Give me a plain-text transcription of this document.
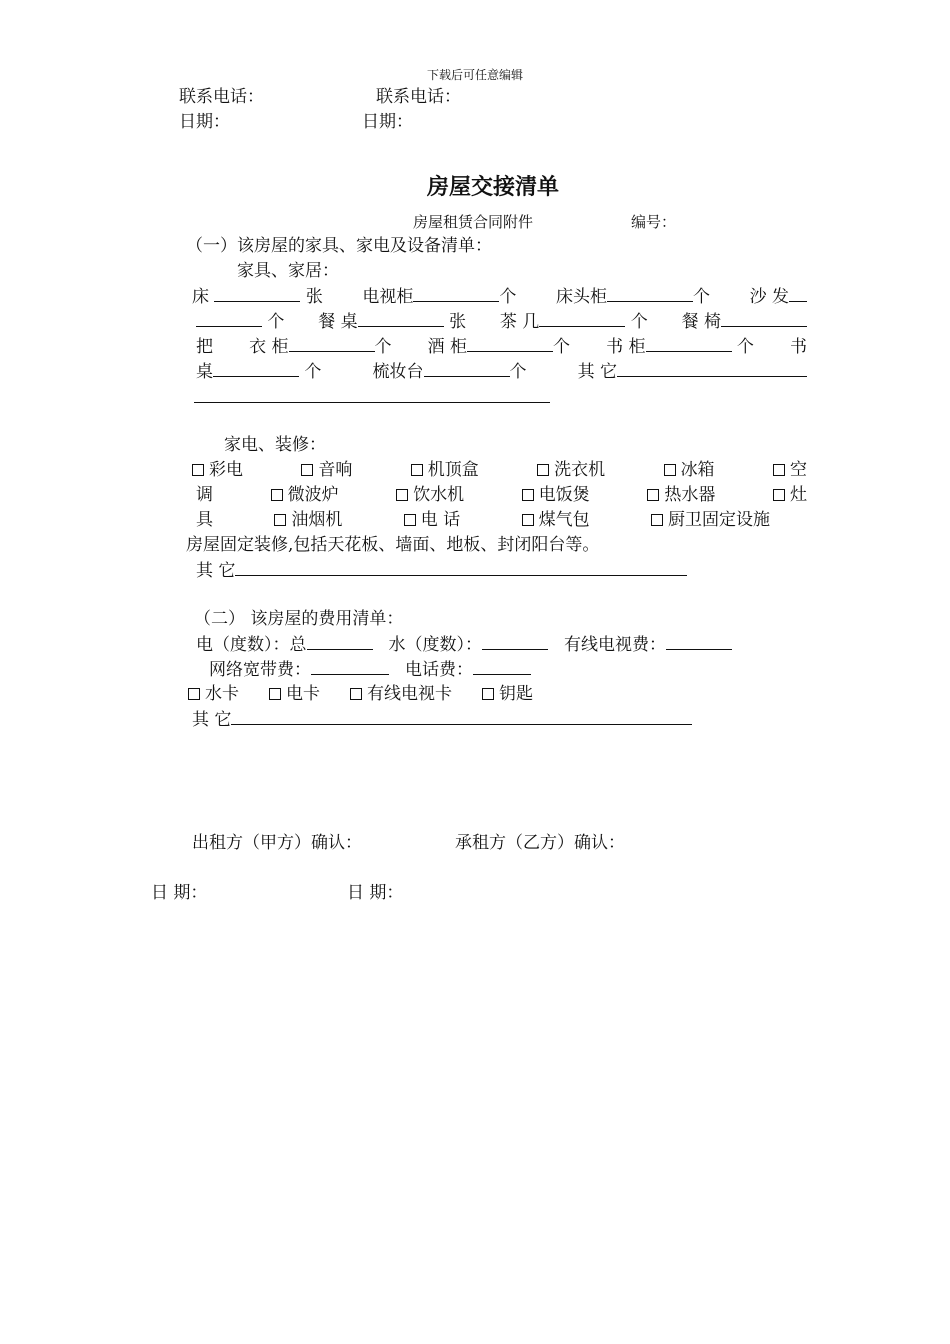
下载后可任意编辑
联系电话：	联系电话：
日期：	日期：
房屋交接清单
房屋租赁合同附件	编号：
（一）该房屋的家具、家电及设备清单：
家具、家居：
床

	张 电视柜	个 床头柜	个 沙 发

个 餐 桌
	张 茶 几
	个 餐 椅
把 衣 柜	个 酒 柜	个 书 柜
	个 书
桌
	个	梳妆台	个	其 它
家电、装修：
彩电	音响	机顶盒	洗衣机	冰箱	空
调	微波炉	饮水机	电饭煲	热水器	灶
具	油烟机	电 话	煤气包	厨卫固定设施
房屋固定装修,包括天花板、墙面、地板、封闭阳台等。
其 它
（二） 该房屋的费用清单：
电（度数）：总	水（度数）：	有线电视费：
网络宽带费：	电话费：
水卡	电卡	有线电视卡	钥匙
其 它
出租方（甲方）确认：	承租方（乙方）确认：
日 期：	日 期：
